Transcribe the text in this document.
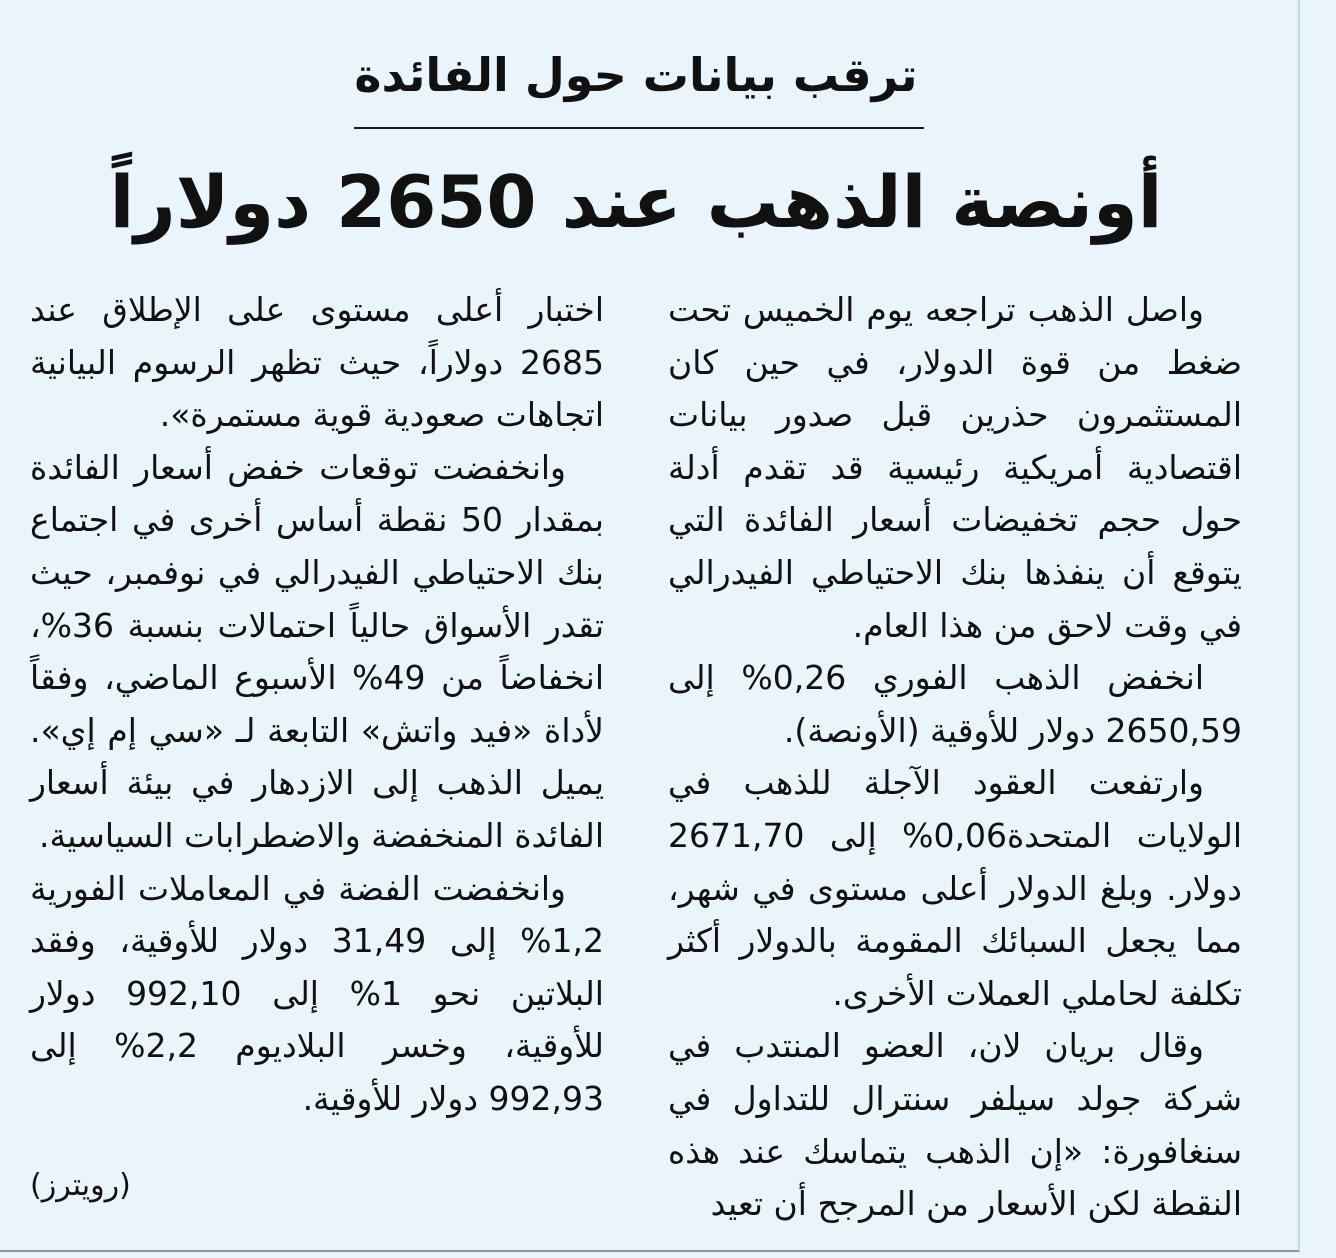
ترقب بيانات حول الفائدة
أونصة الذهب عند 2650 دولاراً

واصل الذهب تراجعه يوم الخميس تحت ضغط من قوة الدولار، في حين كان المستثمرون حذرين قبل صدور بيانات اقتصادية أمريكية رئيسية قد تقدم أدلة حول حجم تخفيضات أسعار الفائدة التي يتوقع أن ينفذها بنك الاحتياطي الفيدرالي في وقت لاحق من هذا العام.

انخفض الذهب الفوري 0,26% إلى 2650,59 دولار للأوقية (الأونصة).

وارتفعت العقود الآجلة للذهب في الولايات المتحدة0,06% إلى 2671,70 دولار. وبلغ الدولار أعلى مستوى في شهر، مما يجعل السبائك المقومة بالدولار أكثر تكلفة لحاملي العملات الأخرى.

وقال بريان لان، العضو المنتدب في شركة جولد سيلفر سنترال للتداول في سنغافورة: «إن الذهب يتماسك عند هذه النقطة لكن الأسعار من المرجح أن تعيد

اختبار أعلى مستوى على الإطلاق عند 2685 دولاراً، حيث تظهر الرسوم البيانية اتجاهات صعودية قوية مستمرة».

وانخفضت توقعات خفض أسعار الفائدة بمقدار 50 نقطة أساس أخرى في اجتماع بنك الاحتياطي الفيدرالي في نوفمبر، حيث تقدر الأسواق حالياً احتمالات بنسبة 36%، انخفاضاً من 49% الأسبوع الماضي، وفقاً لأداة «فيد واتش» التابعة لـ «سي إم إي». يميل الذهب إلى الازدهار في بيئة أسعار الفائدة المنخفضة والاضطرابات السياسية.

وانخفضت الفضة في المعاملات الفورية 1,2% إلى 31,49 دولار للأوقية، وفقد البلاتين نحو 1% إلى 992,10 دولار للأوقية، وخسر البلاديوم 2,2% إلى 992,93 دولار للأوقية.

(رويترز)
